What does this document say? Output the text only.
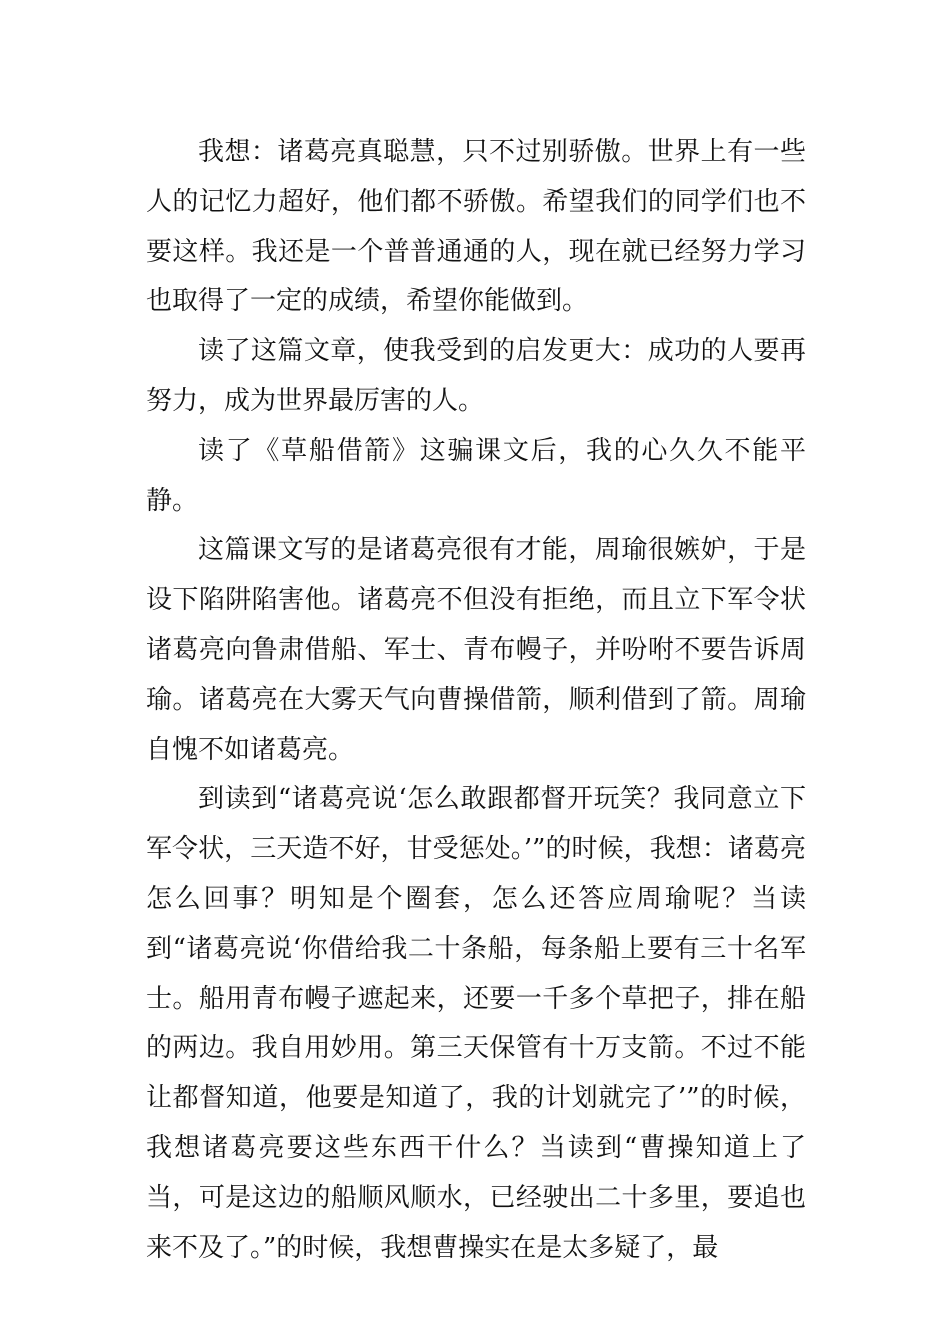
我想：诸葛亮真聪慧，只不过别骄傲。世界上有一些人的记忆力超好，他们都不骄傲。希望我们的同学们也不要这样。我还是一个普普通通的人，现在就已经努力学习也取得了一定的成绩，希望你能做到。

读了这篇文章，使我受到的启发更大：成功的人要再努力，成为世界最厉害的人。

读了《草船借箭》这骗课文后，我的心久久不能平静。

这篇课文写的是诸葛亮很有才能，周瑜很嫉妒，于是设下陷阱陷害他。诸葛亮不但没有拒绝，而且立下军令状诸葛亮向鲁肃借船、军士、青布幔子，并吩咐不要告诉周瑜。诸葛亮在大雾天气向曹操借箭，顺利借到了箭。周瑜自愧不如诸葛亮。

到读到“诸葛亮说‘怎么敢跟都督开玩笑？我同意立下军令状，三天造不好，甘受惩处。’”的时候，我想：诸葛亮怎么回事？明知是个圈套，怎么还答应周瑜呢？当读到“诸葛亮说‘你借给我二十条船，每条船上要有三十名军士。船用青布幔子遮起来，还要一千多个草把子，排在船的两边。我自用妙用。第三天保管有十万支箭。不过不能让都督知道，他要是知道了，我的计划就完了’”的时候，我想诸葛亮要这些东西干什么？当读到“曹操知道上了当，可是这边的船顺风顺水，已经驶出二十多里，要追也来不及了。”的时候，我想曹操实在是太多疑了，最
